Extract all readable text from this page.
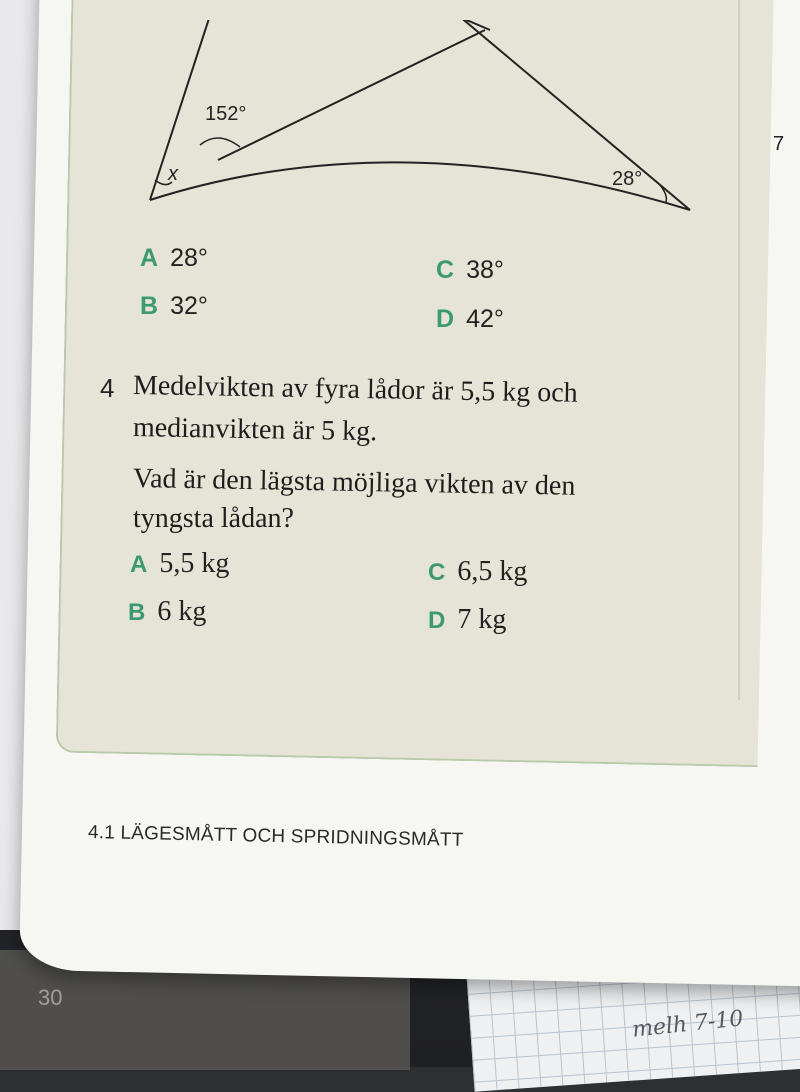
152°
x	28°
7
A 28°
B 32°
C 38°
D 42°
4 Medelvikten av fyra lådor är 5,5 kg och
medianvikten är 5 kg.
Vad är den lägsta möjliga vikten av den
tyngsta lådan?
A 5,5 kg
B 6 kg
C 6,5 kg
D 7 kg
4.1 LÄGESMÅTT OCH SPRIDNINGSMÅTT
30
melh 7-10
